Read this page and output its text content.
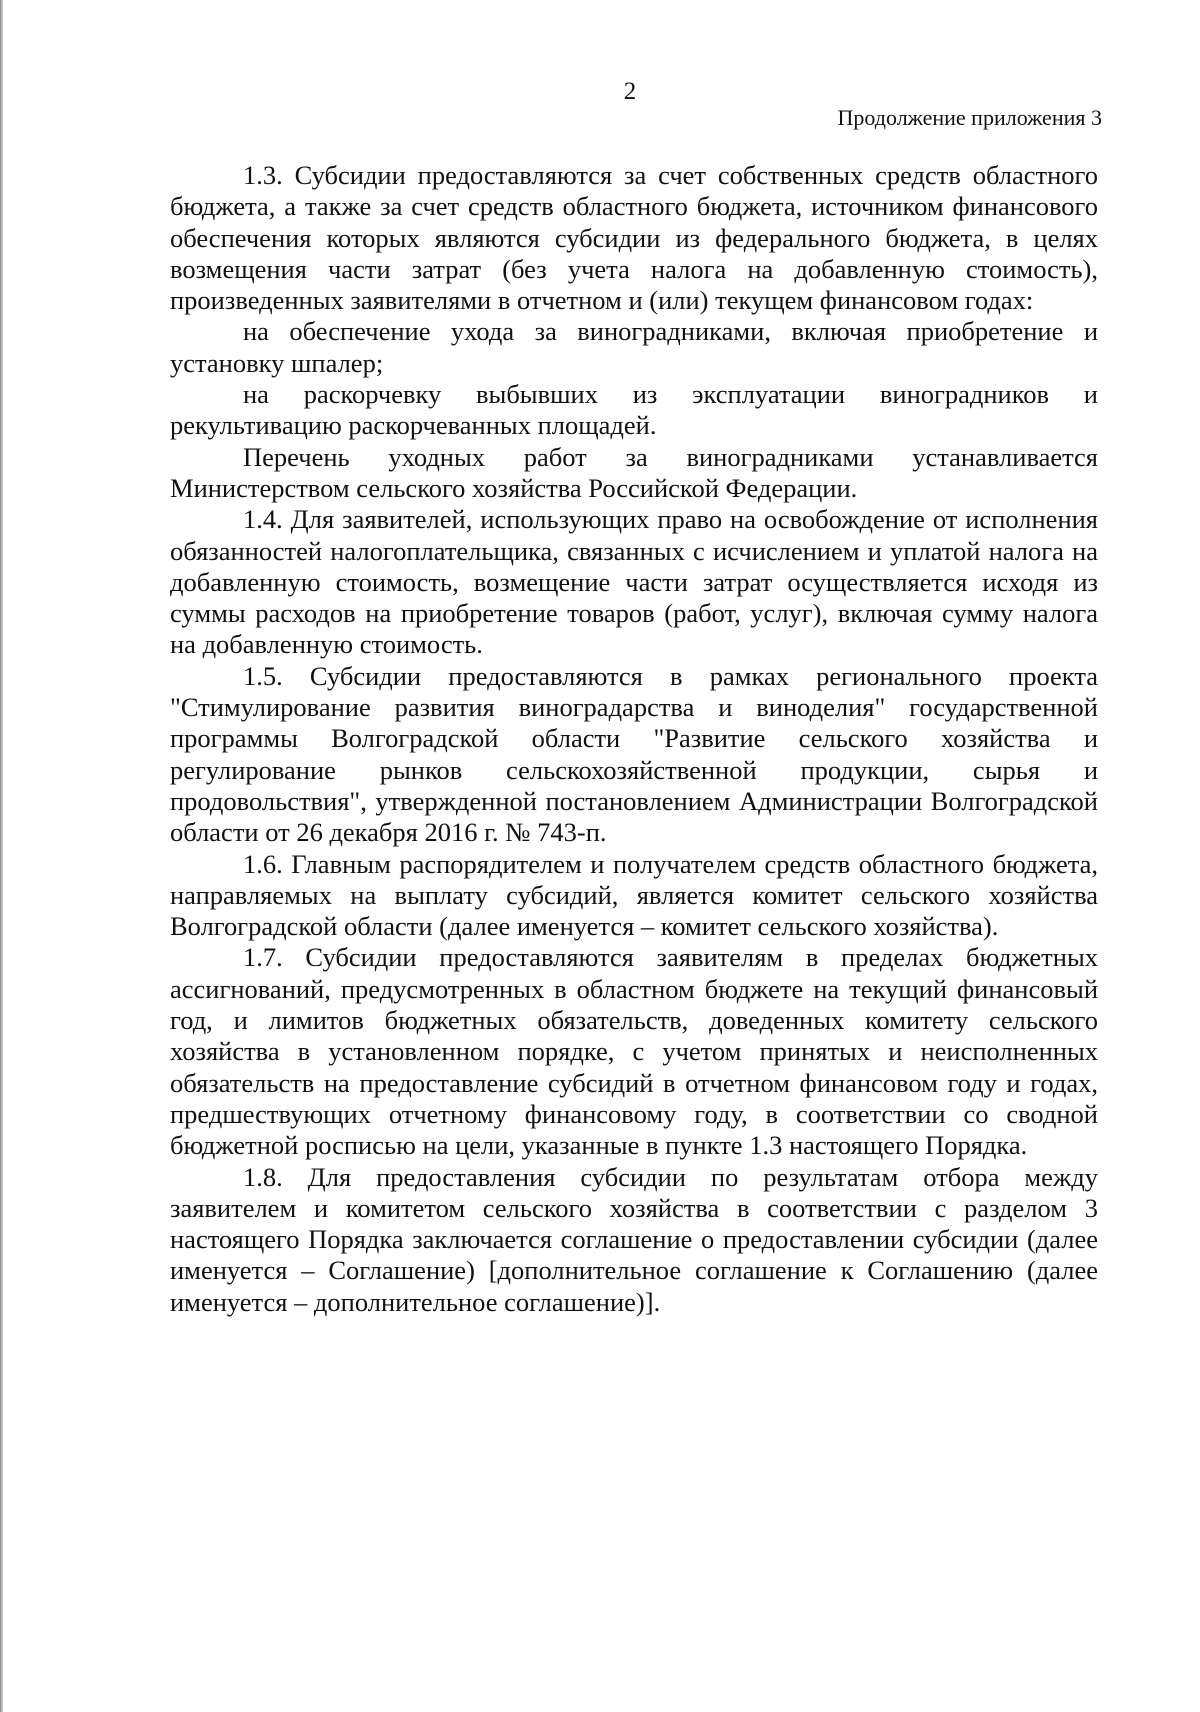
2
Продолжение приложения 3

1.3. Субсидии предоставляются за счет собственных средств областного бюджета, а также за счет средств областного бюджета, источником финансового обеспечения которых являются субсидии из федерального бюджета, в целях возмещения части затрат (без учета налога на добавленную стоимость), произведенных заявителями в отчетном и (или) текущем финансовом годах:

на обеспечение ухода за виноградниками, включая приобретение и установку шпалер;

на раскорчевку выбывших из эксплуатации виноградников и рекультивацию раскорчеванных площадей.

Перечень уходных работ за виноградниками устанавливается Министерством сельского хозяйства Российской Федерации.

1.4. Для заявителей, использующих право на освобождение от исполнения обязанностей налогоплательщика, связанных с исчислением и уплатой налога на добавленную стоимость, возмещение части затрат осуществляется исходя из суммы расходов на приобретение товаров (работ, услуг), включая сумму налога на добавленную стоимость.

1.5. Субсидии предоставляются в рамках регионального проекта "Стимулирование развития виноградарства и виноделия" государственной программы Волгоградской области "Развитие сельского хозяйства и регулирование рынков сельскохозяйственной продукции, сырья и продовольствия", утвержденной постановлением Администрации Волгоградской области от 26 декабря 2016 г. № 743-п.

1.6. Главным распорядителем и получателем средств областного бюджета, направляемых на выплату субсидий, является комитет сельского хозяйства Волгоградской области (далее именуется – комитет сельского хозяйства).

1.7. Субсидии предоставляются заявителям в пределах бюджетных ассигнований, предусмотренных в областном бюджете на текущий финансовый год, и лимитов бюджетных обязательств, доведенных комитету сельского хозяйства в установленном порядке, с учетом принятых и неисполненных обязательств на предоставление субсидий в отчетном финансовом году и годах, предшествующих отчетному финансовому году, в соответствии со сводной бюджетной росписью на цели, указанные в пункте 1.3 настоящего Порядка.

1.8. Для предоставления субсидии по результатам отбора между заявителем и комитетом сельского хозяйства в соответствии с разделом 3 настоящего Порядка заключается соглашение о предоставлении субсидии (далее именуется – Соглашение) [дополнительное соглашение к Соглашению (далее именуется – дополнительное соглашение)].
